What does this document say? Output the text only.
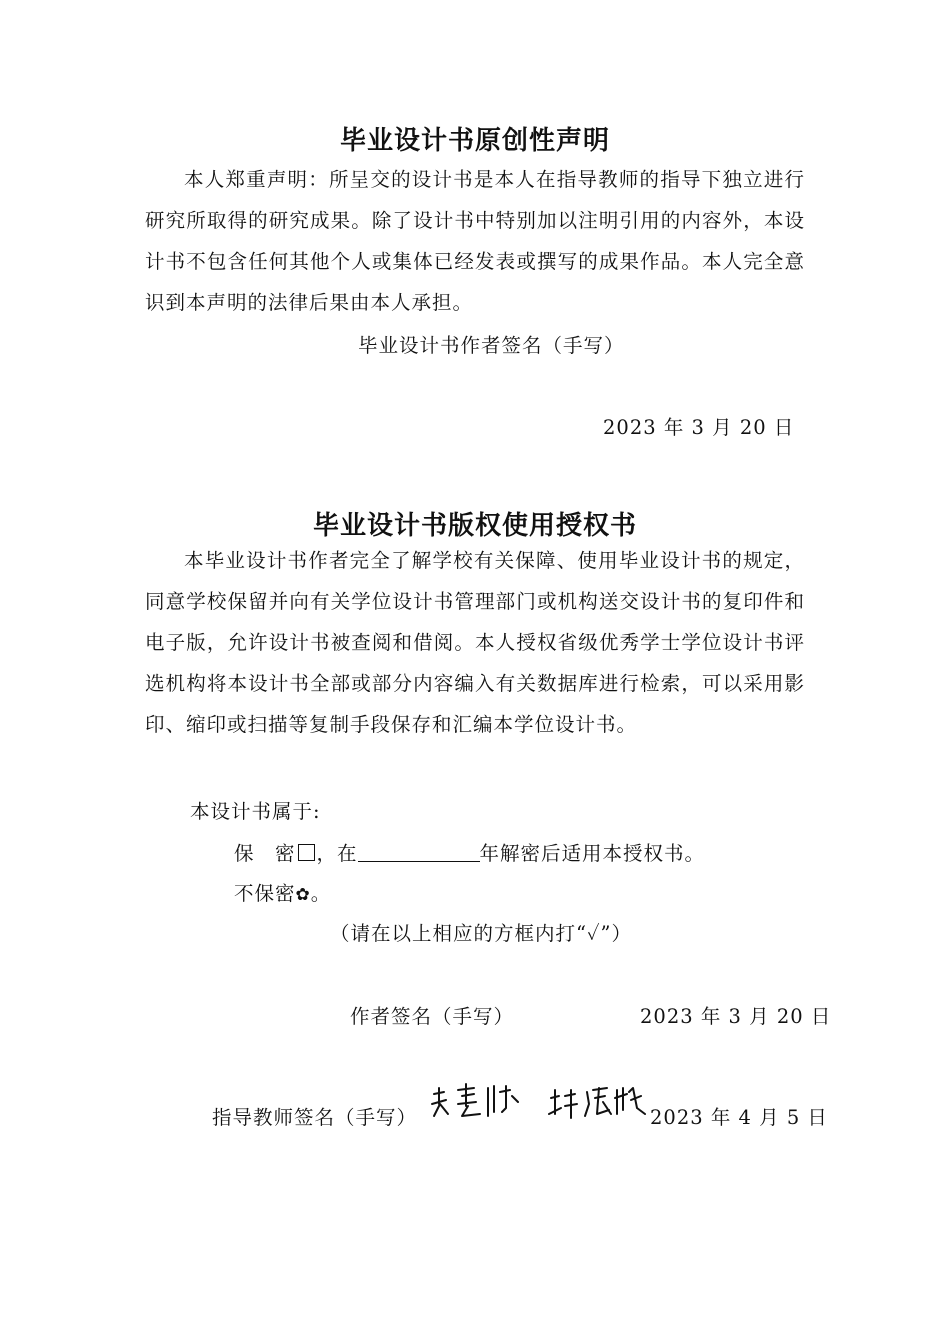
毕业设计书原创性声明
本人郑重声明：所呈交的设计书是本人在指导教师的指导下独立进行研究所取得的研究成果。除了设计书中特别加以注明引用的内容外，本设计书不包含任何其他个人或集体已经发表或撰写的成果作品。本人完全意识到本声明的法律后果由本人承担。
毕业设计书作者签名（手写）
2023 年 3 月 20 日
毕业设计书版权使用授权书
本毕业设计书作者完全了解学校有关保障、使用毕业设计书的规定，同意学校保留并向有关学位设计书管理部门或机构送交设计书的复印件和电子版，允许设计书被查阅和借阅。本人授权省级优秀学士学位设计书评选机构将本设计书全部或部分内容编入有关数据库进行检索，可以采用影印、缩印或扫描等复制手段保存和汇编本学位设计书。
本设计书属于:
保　密 ，在	年解密后适用本授权书。
不保密✿。
（请在以上相应的方框内打“✓”）
作者签名（手写）	2023 年 3 月 20 日
指导教师签名（手写）	2023 年 4 月 5 日
